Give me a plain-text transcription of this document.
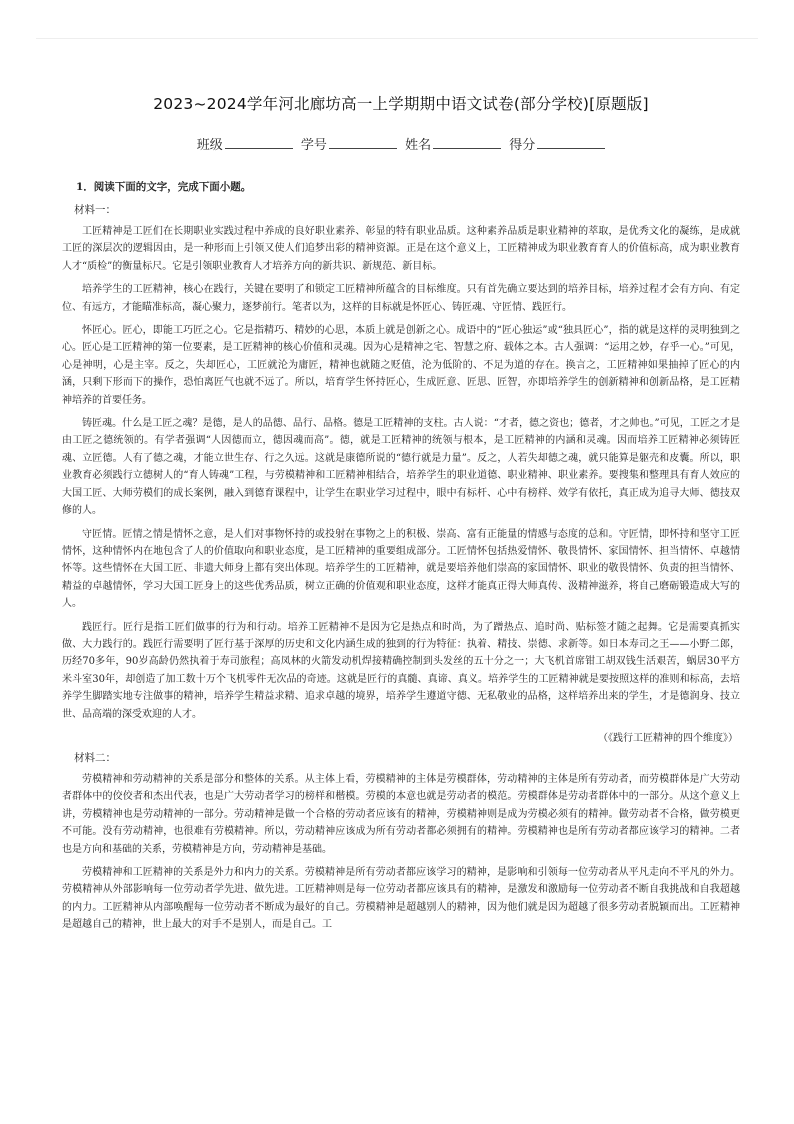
2023~2024学年河北廊坊高一上学期期中语文试卷(部分学校)[原题版]
班级	学号	姓名	得分
1．阅读下面的文字，完成下面小题。
材料一：

工匠精神是工匠们在长期职业实践过程中养成的良好职业素养、彰显的特有职业品质。这种素养品质是职业精神的萃取，是优秀文化的凝练，是成就工匠的深层次的逻辑因由，是一种形而上引领又使人们追梦出彩的精神资源。正是在这个意义上，工匠精神成为职业教育育人的价值标高，成为职业教育人才“质检”的衡量标尺。它是引领职业教育人才培养方向的新共识、新规范、新目标。

培养学生的工匠精神，核心在践行，关键在要明了和锁定工匠精神所蕴含的目标维度。只有首先确立要达到的培养目标，培养过程才会有方向、有定位、有远方，才能瞄准标高，凝心聚力，逐梦前行。笔者以为，这样的目标就是怀匠心、铸匠魂、守匠情、践匠行。

怀匠心。匠心，即能工巧匠之心。它是指精巧、精妙的心思，本质上就是创新之心。成语中的“匠心独运”或“独具匠心”，指的就是这样的灵明独到之心。匠心是工匠精神的第一位要素，是工匠精神的核心价值和灵魂。因为心是精神之宅、智慧之府、载体之本。古人强调：“运用之妙，存乎一心。”可见，心是神明，心是主宰。反之，失却匠心，工匠就沦为庸匠，精神也就随之贬值，沦为低阶的、不足为道的存在。换言之，工匠精神如果抽掉了匠心的内涵，只剩下形而下的操作，恐怕离匠气也就不远了。所以，培育学生怀持匠心，生成匠意、匠思、匠智，亦即培养学生的创新精神和创新品格，是工匠精神培养的首要任务。

铸匠魂。什么是工匠之魂？是德，是人的品德、品行、品格。德是工匠精神的支柱。古人说：“才者，德之资也；德者，才之帅也。”可见，工匠之才是由工匠之德统领的。有学者强调“人因德而立，德因魂而高”。德，就是工匠精神的统领与根本，是工匠精神的内涵和灵魂。因而培养工匠精神必须铸匠魂、立匠德。人有了德之魂，才能立世生存、行之久远。这就是康德所说的“德行就是力量”。反之，人若失却德之魂，就只能算是躯壳和皮囊。所以，职业教育必须践行立德树人的“育人铸魂”工程，与劳模精神和工匠精神相结合，培养学生的职业道德、职业精神、职业素养。要搜集和整理具有育人效应的大国工匠、大师劳模们的成长案例，融入到德育课程中，让学生在职业学习过程中，眼中有标杆、心中有榜样、效学有依托，真正成为追寻大师、德技双修的人。

守匠情。匠情之情是情怀之意，是人们对事物怀持的或投射在事物之上的积极、崇高、富有正能量的情感与态度的总和。守匠情，即怀持和坚守工匠情怀，这种情怀内在地包含了人的价值取向和职业态度，是工匠精神的重要组成部分。工匠情怀包括热爱情怀、敬畏情怀、家国情怀、担当情怀、卓越情怀等。这些情怀在大国工匠、非遗大师身上都有突出体现。培养学生的工匠精神，就是要培养他们崇高的家国情怀、职业的敬畏情怀、负责的担当情怀、精益的卓越情怀，学习大国工匠身上的这些优秀品质，树立正确的价值观和职业态度，这样才能真正得大师真传、汲精神滋养，将自己磨砺锻造成大写的人。

践匠行。匠行是指工匠们做事的行为和行动。培养工匠精神不是因为它是热点和时尚，为了蹭热点、追时尚、贴标签才随之起舞。它是需要真抓实做、大力践行的。践匠行需要明了匠行基于深厚的历史和文化内涵生成的独到的行为特征：执着、精技、崇德、求新等。如日本寿司之王——小野二郎，历经70多年，90岁高龄仍然执着于寿司旅程；高凤林的火箭发动机焊接精确控制到头发丝的五十分之一；大飞机首席钳工胡双钱生活艰苦，蜗居30平方米斗室30年，却创造了加工数十万个飞机零件无次品的奇迹。这就是匠行的真髓、真谛、真义。培养学生的工匠精神就是要按照这样的准则和标高，去培养学生脚踏实地专注做事的精神，培养学生精益求精、追求卓越的境界，培养学生遵道守德、无私敬业的品格，这样培养出来的学生，才是德润身、技立世、品高端的深受欢迎的人才。

（《践行工匠精神的四个维度》）
材料二：

劳模精神和劳动精神的关系是部分和整体的关系。从主体上看，劳模精神的主体是劳模群体，劳动精神的主体是所有劳动者，而劳模群体是广大劳动者群体中的佼佼者和杰出代表，也是广大劳动者学习的榜样和楷模。劳模的本意也就是劳动者的模范。劳模群体是劳动者群体中的一部分。从这个意义上讲，劳模精神也是劳动精神的一部分。劳动精神是做一个合格的劳动者应该有的精神，劳模精神则是成为劳模必须有的精神。做劳动者不合格，做劳模更不可能。没有劳动精神，也很难有劳模精神。所以，劳动精神应该成为所有劳动者都必须拥有的精神。劳模精神也是所有劳动者都应该学习的精神。二者也是方向和基础的关系，劳模精神是方向，劳动精神是基础。

劳模精神和工匠精神的关系是外力和内力的关系。劳模精神是所有劳动者都应该学习的精神，是影响和引领每一位劳动者从平凡走向不平凡的外力。劳模精神从外部影响每一位劳动者学先进、做先进。工匠精神则是每一位劳动者都应该具有的精神，是激发和激励每一位劳动者不断自我挑战和自我超越的内力。工匠精神从内部唤醒每一位劳动者不断成为最好的自己。劳模精神是超越别人的精神，因为他们就是因为超越了很多劳动者脱颖而出。工匠精神是超越自己的精神，世上最大的对手不是别人，而是自己。工
